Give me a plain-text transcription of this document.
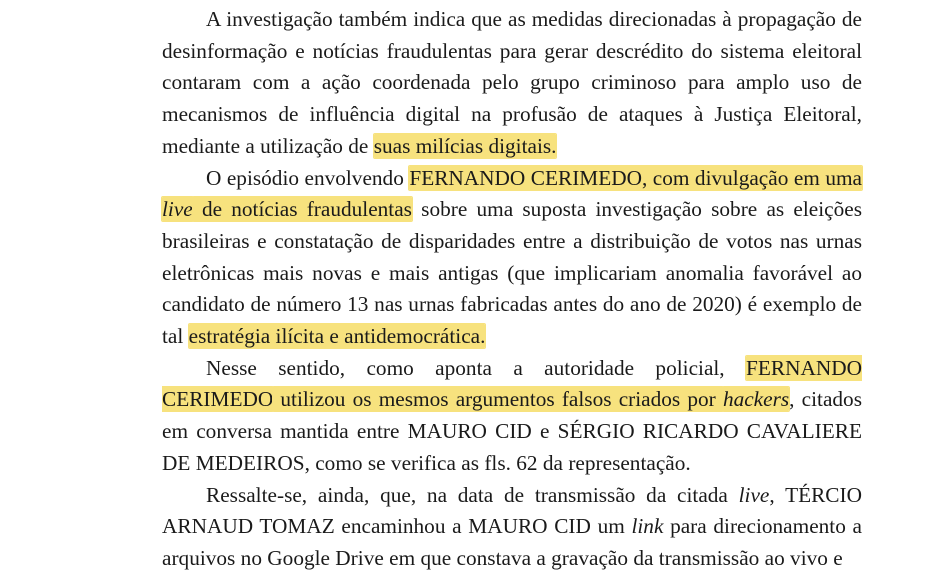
A investigação também indica que as medidas direcionadas à propagação de desinformação e notícias fraudulentas para gerar descrédito do sistema eleitoral contaram com a ação coordenada pelo grupo criminoso para amplo uso de mecanismos de influência digital na profusão de ataques à Justiça Eleitoral, mediante a utilização de suas milícias digitais.

O episódio envolvendo FERNANDO CERIMEDO, com divulgação em uma live de notícias fraudulentas sobre uma suposta investigação sobre as eleições brasileiras e constatação de disparidades entre a distribuição de votos nas urnas eletrônicas mais novas e mais antigas (que implicariam anomalia favorável ao candidato de número 13 nas urnas fabricadas antes do ano de 2020) é exemplo de tal estratégia ilícita e antidemocrática.

Nesse sentido, como aponta a autoridade policial, FERNANDO CERIMEDO utilizou os mesmos argumentos falsos criados por hackers, citados em conversa mantida entre MAURO CID e SÉRGIO RICARDO CAVALIERE DE MEDEIROS, como se verifica as fls. 62 da representação.

Ressalte-se, ainda, que, na data de transmissão da citada live, TÉRCIO ARNAUD TOMAZ encaminhou a MAURO CID um link para direcionamento a arquivos no Google Drive em que constava a gravação da transmissão ao vivo e
